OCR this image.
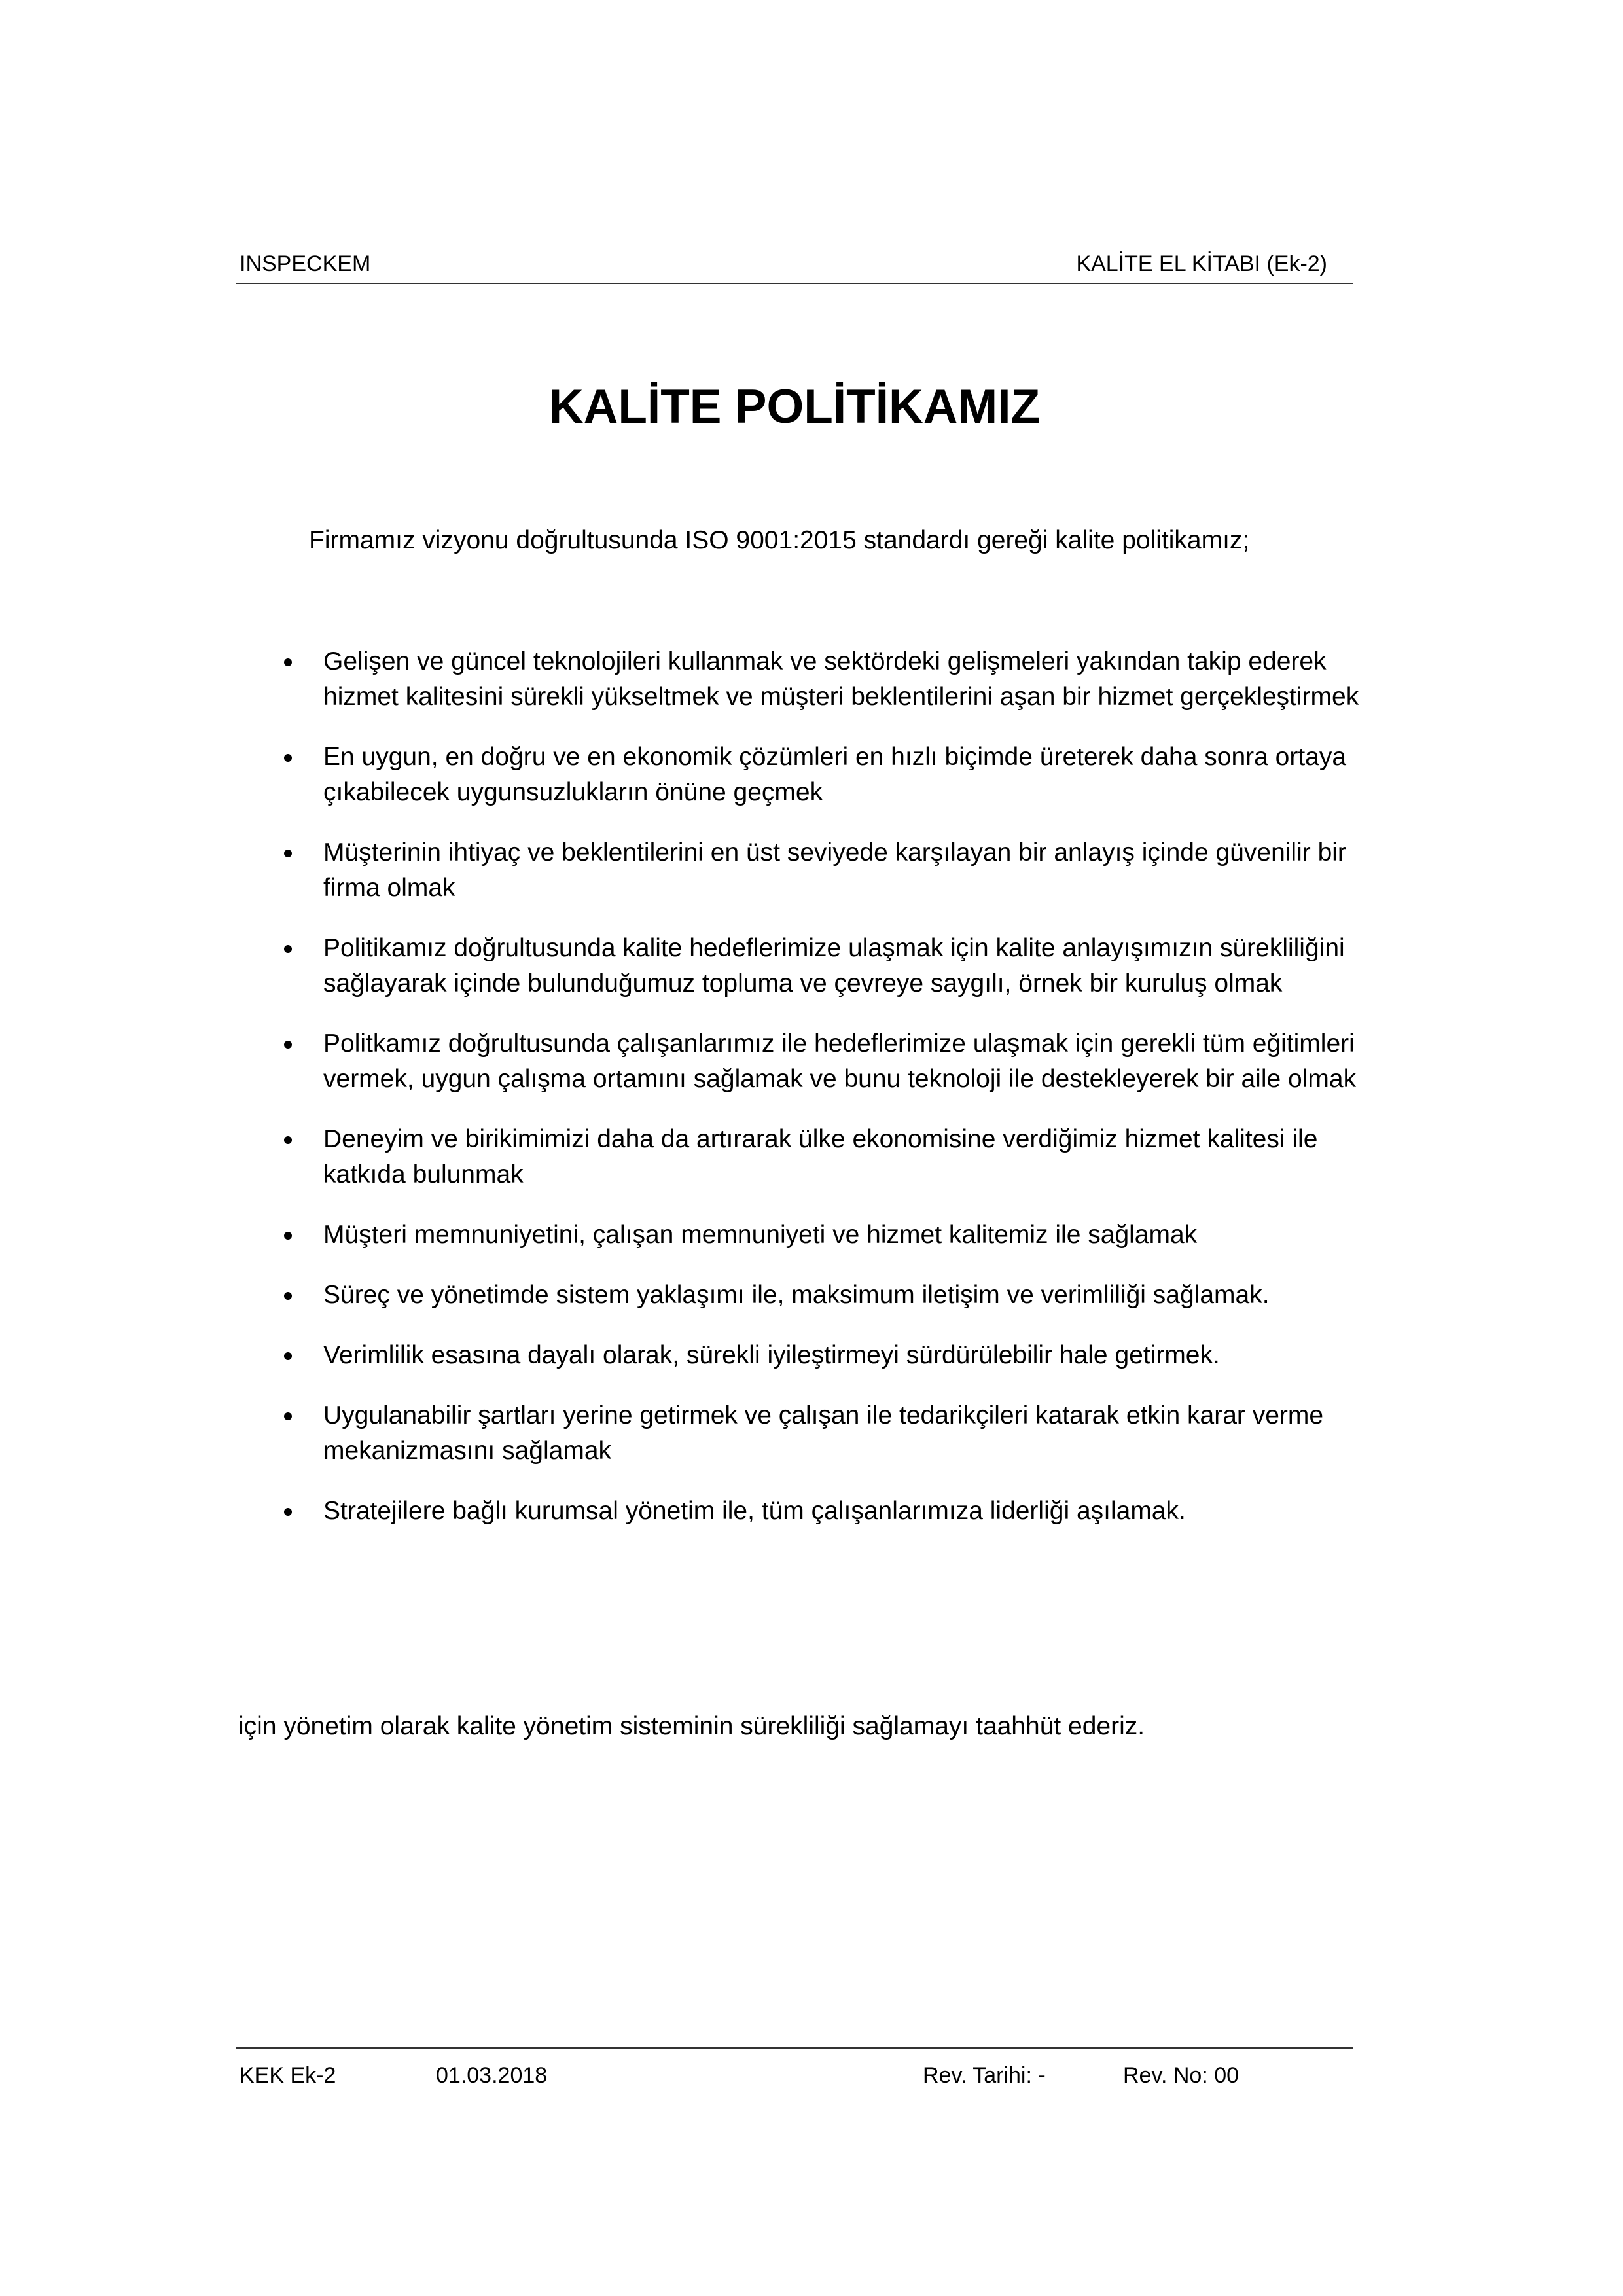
INSPECKEM	KALİTE EL KİTABI (Ek-2)
KALİTE POLİTİKAMIZ
Firmamız vizyonu doğrultusunda ISO 9001:2015 standardı gereği kalite politikamız;
Gelişen ve güncel teknolojileri kullanmak ve sektördeki gelişmeleri yakından takip ederek hizmet kalitesini sürekli yükseltmek ve müşteri beklentilerini aşan bir hizmet gerçekleştirmek
En uygun, en doğru ve en ekonomik çözümleri en hızlı biçimde üreterek daha sonra ortaya çıkabilecek uygunsuzlukların önüne geçmek
Müşterinin ihtiyaç ve beklentilerini en üst seviyede karşılayan bir anlayış içinde güvenilir bir firma olmak
Politikamız doğrultusunda kalite hedeflerimize ulaşmak için kalite anlayışımızın sürekliliğini sağlayarak içinde bulunduğumuz topluma ve çevreye saygılı, örnek bir kuruluş olmak
Politkamız doğrultusunda çalışanlarımız ile hedeflerimize ulaşmak için gerekli tüm eğitimleri vermek, uygun çalışma ortamını sağlamak ve bunu teknoloji ile destekleyerek bir aile olmak
Deneyim ve birikimimizi daha da artırarak ülke ekonomisine verdiğimiz hizmet kalitesi ile katkıda bulunmak
Müşteri memnuniyetini, çalışan memnuniyeti ve hizmet kalitemiz ile sağlamak
Süreç ve yönetimde sistem yaklaşımı ile, maksimum iletişim ve verimliliği sağlamak.
Verimlilik esasına dayalı olarak, sürekli iyileştirmeyi sürdürülebilir hale getirmek.
Uygulanabilir şartları yerine getirmek ve çalışan ile tedarikçileri katarak etkin karar verme mekanizmasını sağlamak
Stratejilere bağlı kurumsal yönetim ile, tüm çalışanlarımıza liderliği aşılamak.
için yönetim olarak kalite yönetim sisteminin sürekliliği sağlamayı taahhüt ederiz.
KEK Ek-2	01.03.2018	Rev. Tarihi: -	Rev. No: 00
